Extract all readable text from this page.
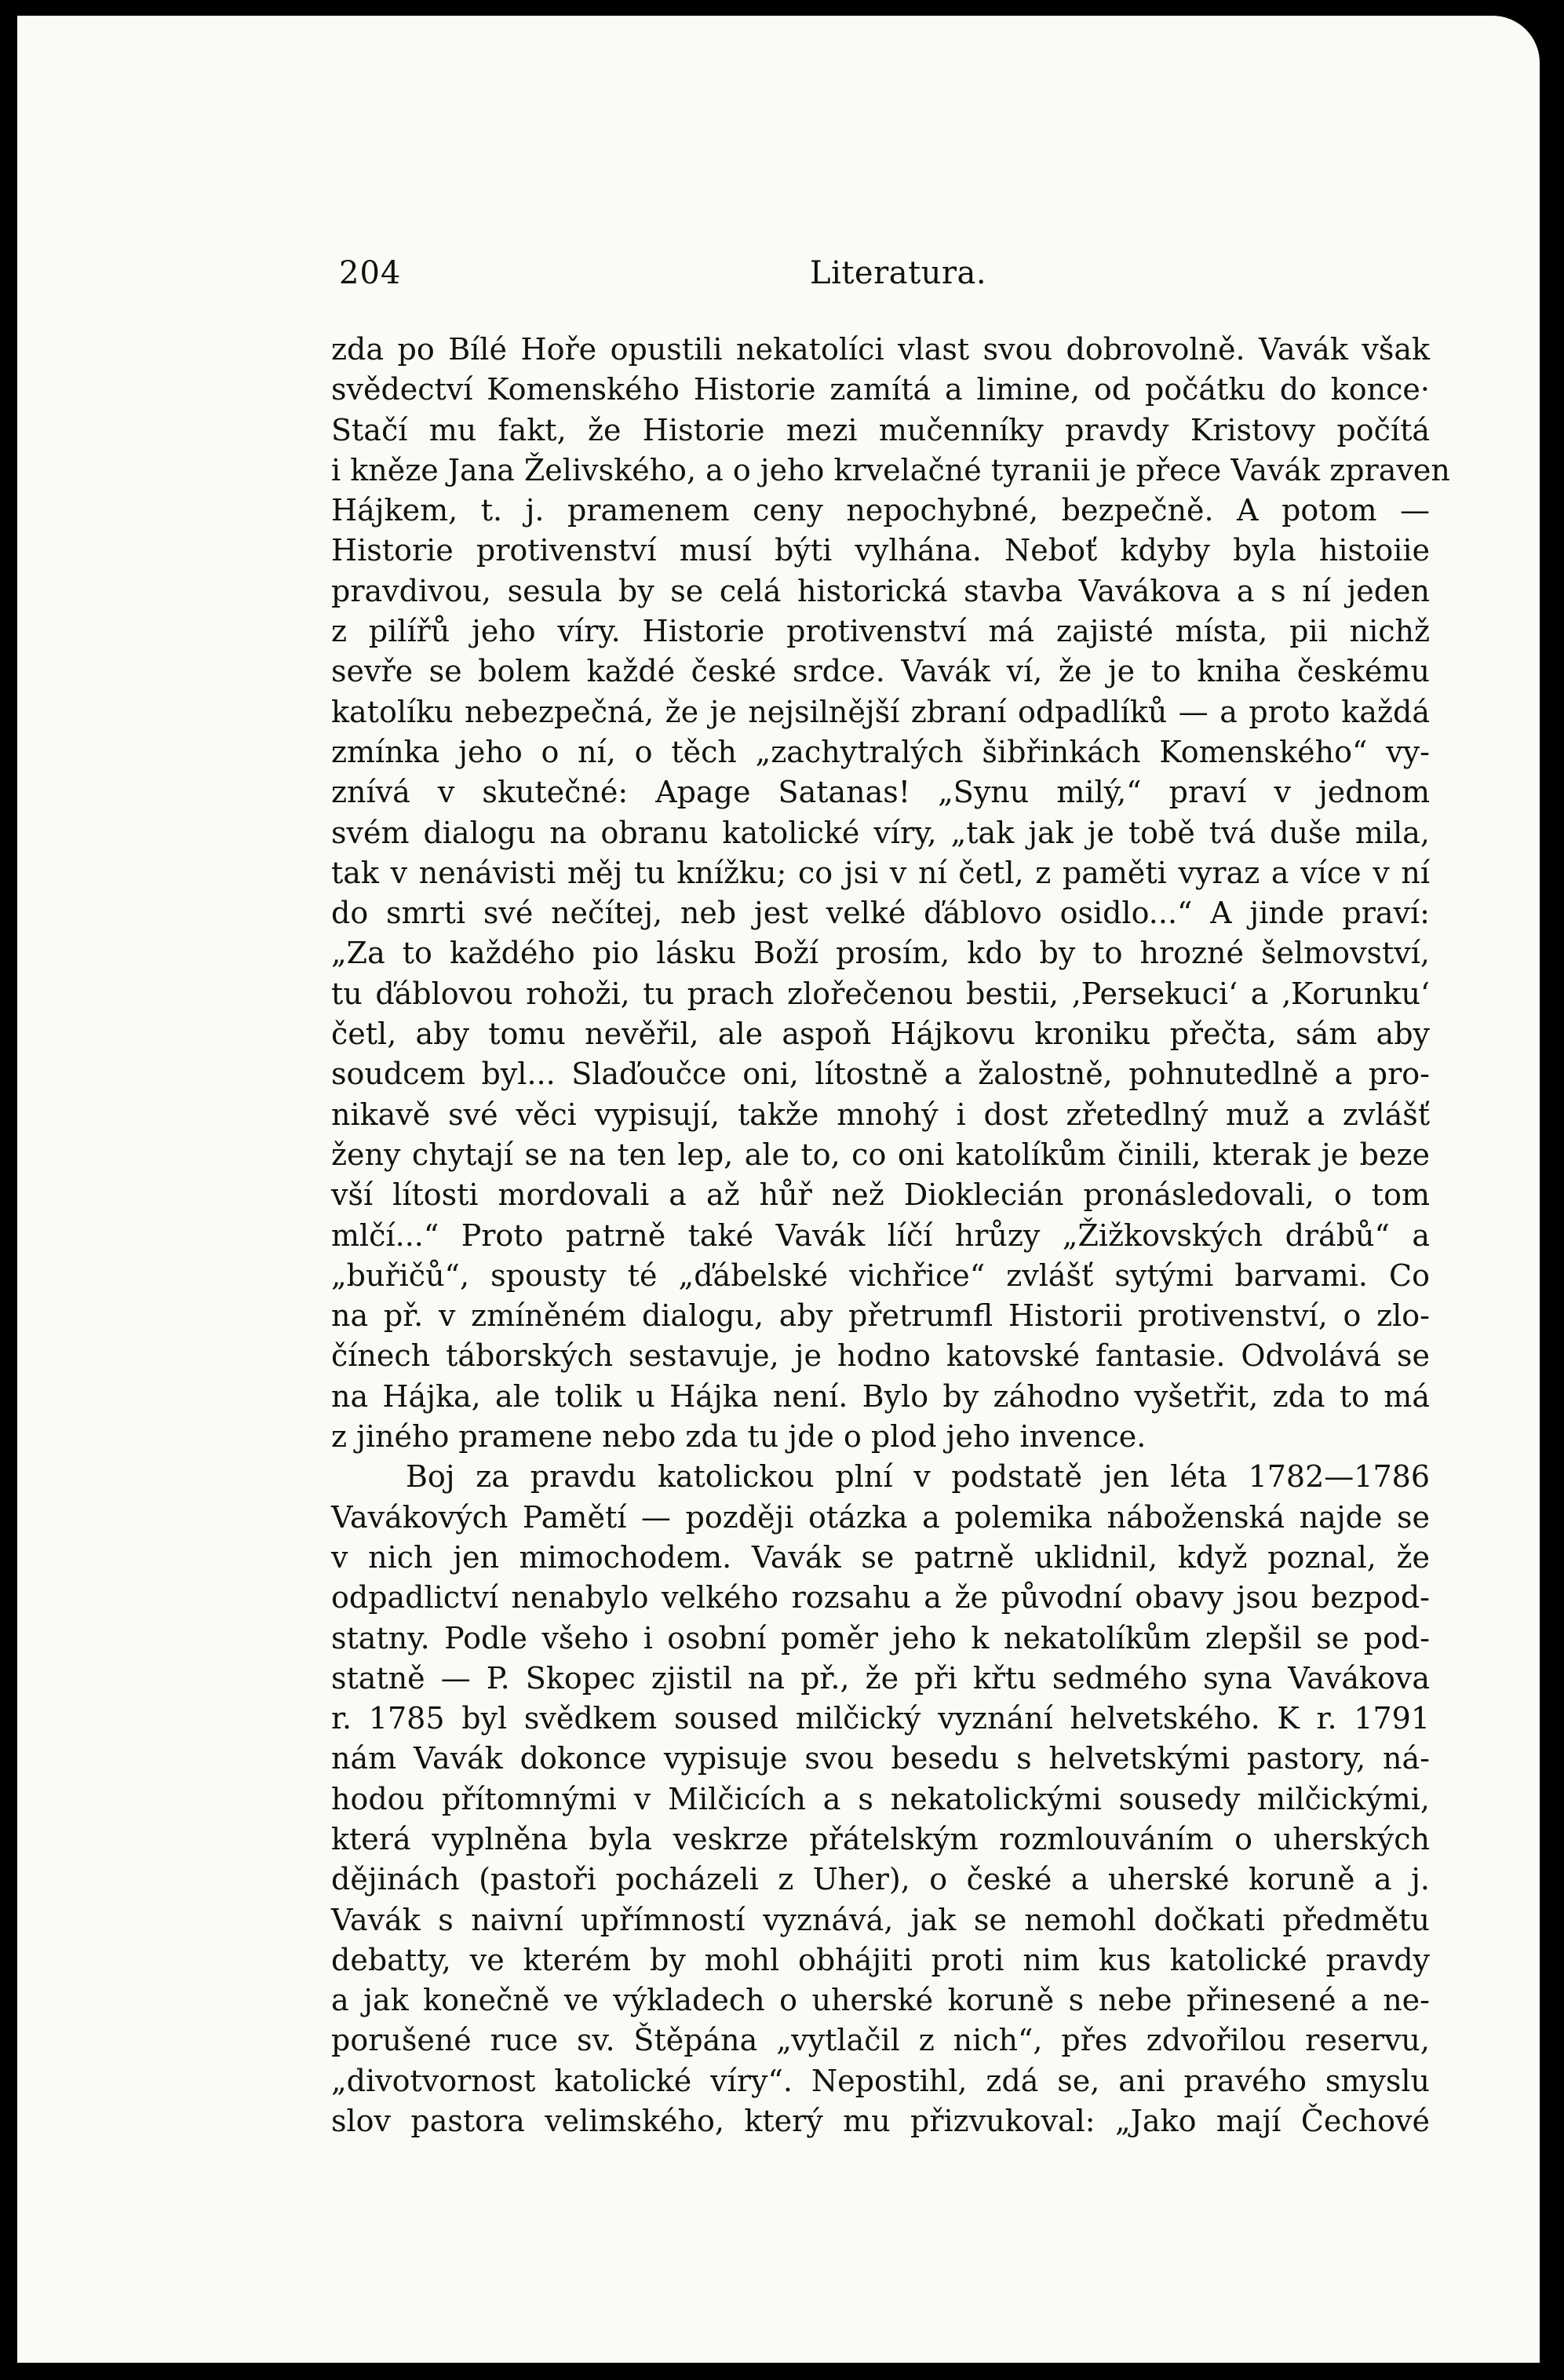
204	Literatura.
zda po Bílé Hoře opustili nekatolíci vlast svou dobrovolně. Vavák však
svědectví Komenského Historie zamítá a limine, od počátku do konce·
Stačí mu fakt, že Historie mezi mučenníky pravdy Kristovy počítá
i kněze Jana Želivského, a o jeho krvelačné tyranii je přece Vavák zpraven
Hájkem, t. j. pramenem ceny nepochybné, bezpečně. A potom —
Historie protivenství musí býti vylhána. Neboť kdyby byla histoiie
pravdivou, sesula by se celá historická stavba Vavákova a s ní jeden
z pilířů jeho víry. Historie protivenství má zajisté místa, pii nichž
sevře se bolem každé české srdce. Vavák ví, že je to kniha českému
katolíku nebezpečná, že je nejsilnější zbraní odpadlíků — a proto každá
zmínka jeho o ní, o těch „zachytralých šibřinkách Komenského“ vy-
znívá v skutečné: Apage Satanas! „Synu milý,“ praví v jednom
svém dialogu na obranu katolické víry, „tak jak je tobě tvá duše mila,
tak v nenávisti měj tu knížku; co jsi v ní četl, z paměti vyraz a více v ní
do smrti své nečítej, neb jest velké ďáblovo osidlo...“ A jinde praví:
„Za to každého pio lásku Boží prosím, kdo by to hrozné šelmovství,
tu ďáblovou rohoži, tu prach zlořečenou bestii, ‚Persekuci‘ a ‚Korunku‘
četl, aby tomu nevěřil, ale aspoň Hájkovu kroniku přečta, sám aby
soudcem byl... Slaďoučce oni, lítostně a žalostně, pohnutedlně a pro-
nikavě své věci vypisují, takže mnohý i dost zřetedlný muž a zvlášť
ženy chytají se na ten lep, ale to, co oni katolíkům činili, kterak je beze
vší lítosti mordovali a až hůř než Dioklecián pronásledovali, o tom
mlčí...“ Proto patrně také Vavák líčí hrůzy „Žižkovských drábů“ a
„buřičů“, spousty té „ďábelské vichřice“ zvlášť sytými barvami. Co
na př. v zmíněném dialogu, aby přetrumfl Historii protivenství, o zlo-
čínech táborských sestavuje, je hodno katovské fantasie. Odvolává se
na Hájka, ale tolik u Hájka není. Bylo by záhodno vyšetřit, zda to má
z jiného pramene nebo zda tu jde o plod jeho invence.
Boj za pravdu katolickou plní v podstatě jen léta 1782—1786
Vavákových Pamětí — později otázka a polemika náboženská najde se
v nich jen mimochodem. Vavák se patrně uklidnil, když poznal, že
odpadlictví nenabylo velkého rozsahu a že původní obavy jsou bezpod-
statny. Podle všeho i osobní poměr jeho k nekatolíkům zlepšil se pod-
statně — P. Skopec zjistil na př., že při křtu sedmého syna Vavákova
r. 1785 byl svědkem soused milčický vyznání helvetského. K r. 1791
nám Vavák dokonce vypisuje svou besedu s helvetskými pastory, ná-
hodou přítomnými v Milčicích a s nekatolickými sousedy milčickými,
která vyplněna byla veskrze přátelským rozmlouváním o uherských
dějinách (pastoři pocházeli z Uher), o české a uherské koruně a j.
Vavák s naivní upřímností vyznává, jak se nemohl dočkati předmětu
debatty, ve kterém by mohl obhájiti proti nim kus katolické pravdy
a jak konečně ve výkladech o uherské koruně s nebe přinesené a ne-
porušené ruce sv. Štěpána „vytlačil z nich“, přes zdvořilou reservu,
„divotvornost katolické víry“. Nepostihl, zdá se, ani pravého smyslu
slov pastora velimského, který mu přizvukoval: „Jako mají Čechové
